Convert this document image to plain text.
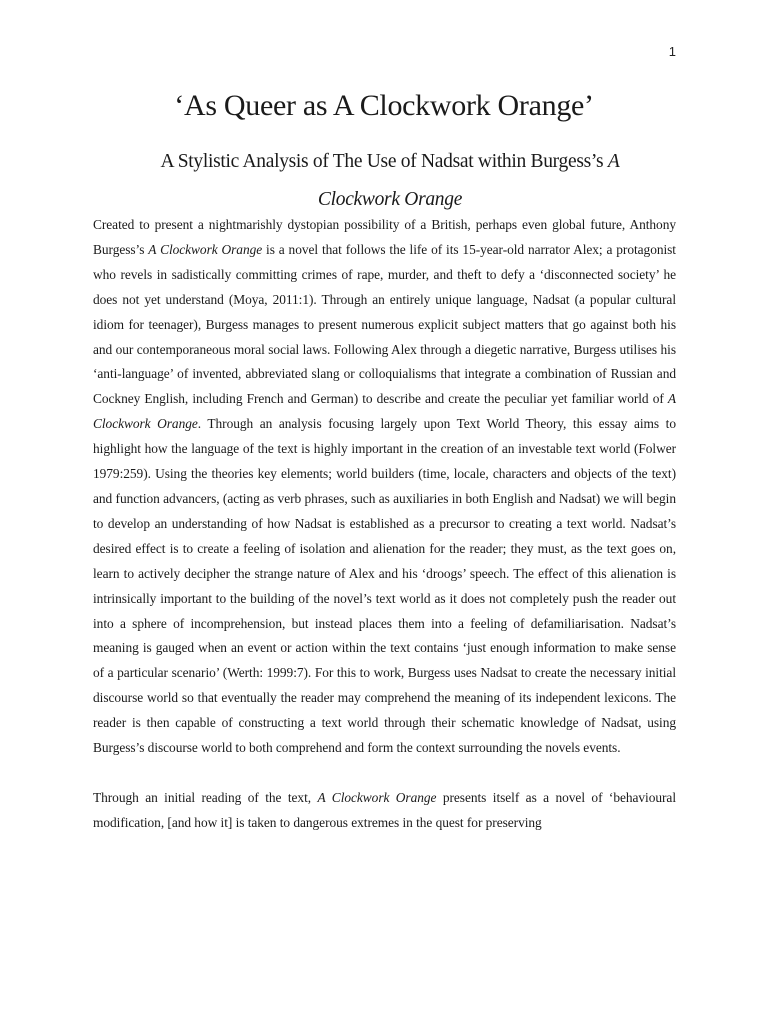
1
‘As Queer as A Clockwork Orange’
A Stylistic Analysis of The Use of Nadsat within Burgess’s A Clockwork Orange

Created to present a nightmarishly dystopian possibility of a British, perhaps even global future, Anthony Burgess’s A Clockwork Orange is a novel that follows the life of its 15-year-old narrator Alex; a protagonist who revels in sadistically committing crimes of rape, murder, and theft to defy a ‘disconnected society’ he does not yet understand (Moya, 2011:1). Through an entirely unique language, Nadsat (a popular cultural idiom for teenager), Burgess manages to present numerous explicit subject matters that go against both his and our contemporaneous moral social laws. Following Alex through a diegetic narrative, Burgess utilises his ‘anti-language’ of invented, abbreviated slang or colloquialisms that integrate a combination of Russian and Cockney English, including French and German) to describe and create the peculiar yet familiar world of A Clockwork Orange. Through an analysis focusing largely upon Text World Theory, this essay aims to highlight how the language of the text is highly important in the creation of an investable text world (Folwer 1979:259). Using the theories key elements; world builders (time, locale, characters and objects of the text) and function advancers, (acting as verb phrases, such as auxiliaries in both English and Nadsat) we will begin to develop an understanding of how Nadsat is established as a precursor to creating a text world. Nadsat’s desired effect is to create a feeling of isolation and alienation for the reader; they must, as the text goes on, learn to actively decipher the strange nature of Alex and his ‘droogs’ speech. The effect of this alienation is intrinsically important to the building of the novel’s text world as it does not completely push the reader out into a sphere of incomprehension, but instead places them into a feeling of defamiliarisation. Nadsat’s meaning is gauged when an event or action within the text contains ‘just enough information to make sense of a particular scenario’ (Werth: 1999:7). For this to work, Burgess uses Nadsat to create the necessary initial discourse world so that eventually the reader may comprehend the meaning of its independent lexicons. The reader is then capable of constructing a text world through their schematic knowledge of Nadsat, using Burgess’s discourse world to both comprehend and form the context surrounding the novels events.

Through an initial reading of the text, A Clockwork Orange presents itself as a novel of ‘behavioural modification, [and how it] is taken to dangerous extremes in the quest for preserving
